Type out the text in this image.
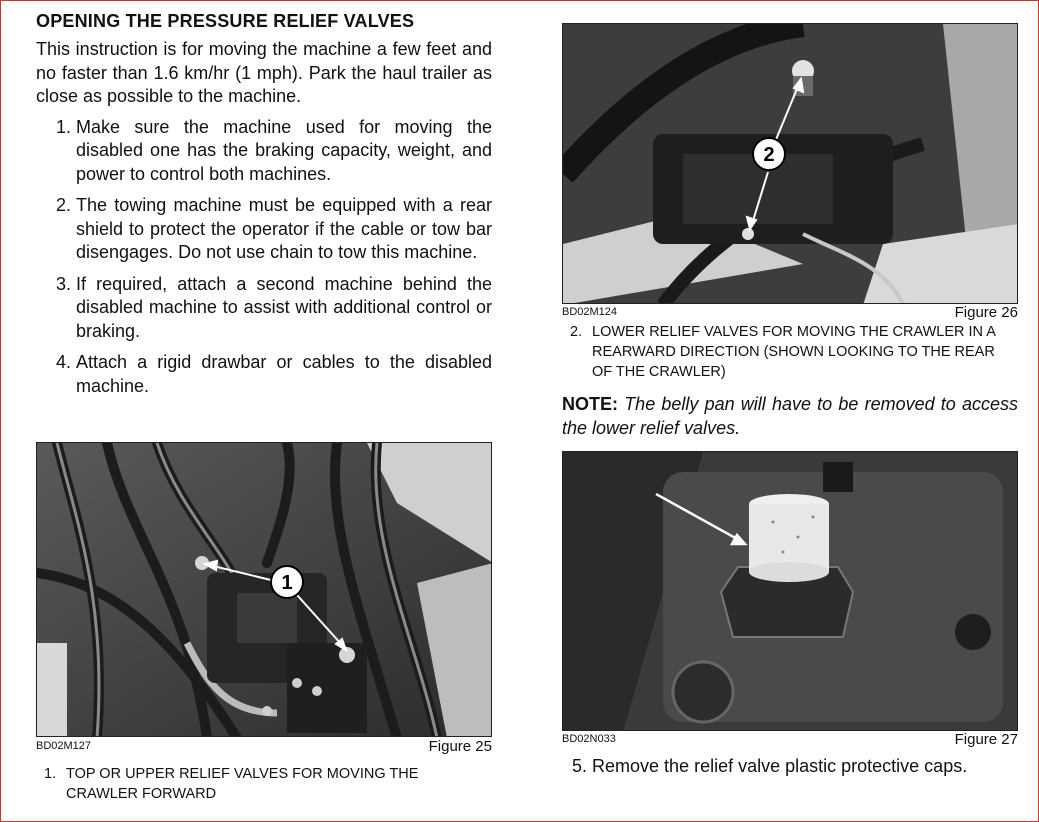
OPENING THE PRESSURE RELIEF VALVES

This instruction is for moving the machine a few feet and no faster than 1.6 km/hr (1 mph). Park the haul trailer as close as possible to the machine.

1. Make sure the machine used for moving the disabled one has the braking capacity, weight, and power to control both machines.
2. The towing machine must be equipped with a rear shield to protect the operator if the cable or tow bar disengages. Do not use chain to tow this machine.
3. If required, attach a second machine behind the disabled machine to assist with additional control or braking.
4. Attach a rigid drawbar or cables to the disabled machine.
1
BD02M127	Figure 25
1. TOP OR UPPER RELIEF VALVES FOR MOVING THE CRAWLER FORWARD
2
BD02M124	Figure 26
2. LOWER RELIEF VALVES FOR MOVING THE CRAWLER IN A REARWARD DIRECTION (SHOWN LOOKING TO THE REAR OF THE CRAWLER)
NOTE: The belly pan will have to be removed to access the lower relief valves.
BD02N033	Figure 27
5. Remove the relief valve plastic protective caps.
